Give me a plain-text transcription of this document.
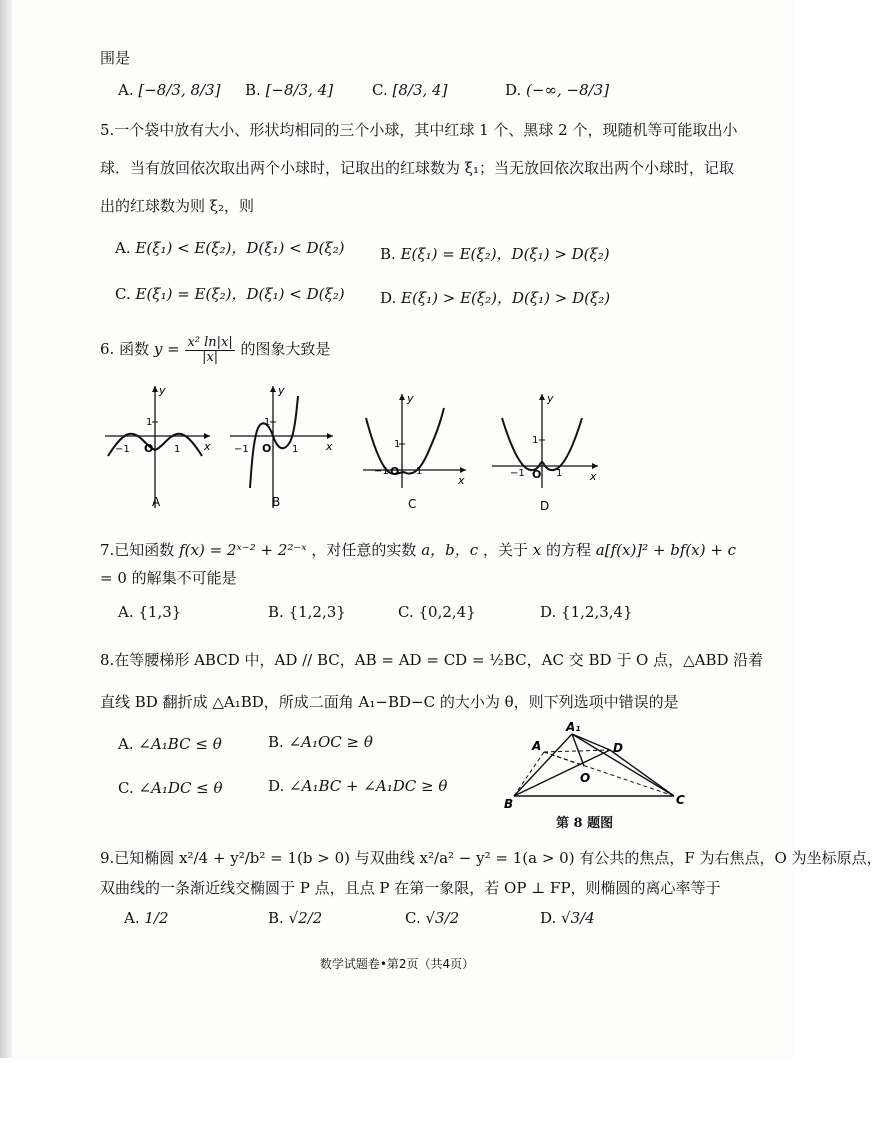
围是
A. [−8/3, 8/3] B. [−8/3, 4]	C. [8/3, 4]	D. (−∞, −8/3]
5.一个袋中放有大小、形状均相同的三个小球，其中红球 1 个、黑球 2 个，现随机等可能取出小
球．当有放回依次取出两个小球时，记取出的红球数为 ξ₁；当无放回依次取出两个小球时，记取
出的红球数为则 ξ₂，则
A. E(ξ₁) < E(ξ₂)，D(ξ₁) < D(ξ₂) B. E(ξ₁) = E(ξ₂)，D(ξ₁) > D(ξ₂)
C. E(ξ₁) = E(ξ₂)，D(ξ₁) < D(ξ₂) D. E(ξ₁) > E(ξ₂)，D(ξ₁) > D(ξ₂)
6. 函数 $y = \frac{\text{x² ln|x|}}{|x|}$ 的图象大致是
−1 O 1
1
y
x
A
−1 O 1
1
y
x
B
−1 O 1
1
y
x
C
−1 O 1
1
y
x
D
7.已知函数 f(x) = 2ˣ⁻² + 2²⁻ˣ ，对任意的实数 a，b，c ，关于 x 的方程 a[f(x)]² + bf(x) + c
= 0 的解集不可能是
A. {1,3}	B. {1,2,3}	C. {0,2,4}	D. {1,2,3,4}
8.在等腰梯形 ABCD 中，AD // BC，AB = AD = CD = ½BC，AC 交 BD 于 O 点，△ABD 沿着
直线 BD 翻折成 △A₁BD，所成二面角 A₁−BD−C 的大小为 θ，则下列选项中错误的是
A. ∠A₁BC ≤ θ	B. ∠A₁OC ≥ θ
C. ∠A₁DC ≤ θ	D. ∠A₁BC + ∠A₁DC ≥ θ
A₁
A	D
O
B	C
第 8 题图
9.已知椭圆 x²/4 + y²/b² = 1(b > 0) 与双曲线 x²/a² − y² = 1(a > 0) 有公共的焦点，F 为右焦点，O 为坐标原点，
双曲线的一条渐近线交椭圆于 P 点，且点 P 在第一象限，若 OP ⊥ FP，则椭圆的离心率等于
A. 1/2	B. √2/2	C. √3/2	D. √3/4
数学试题卷•第2页（共4页）
